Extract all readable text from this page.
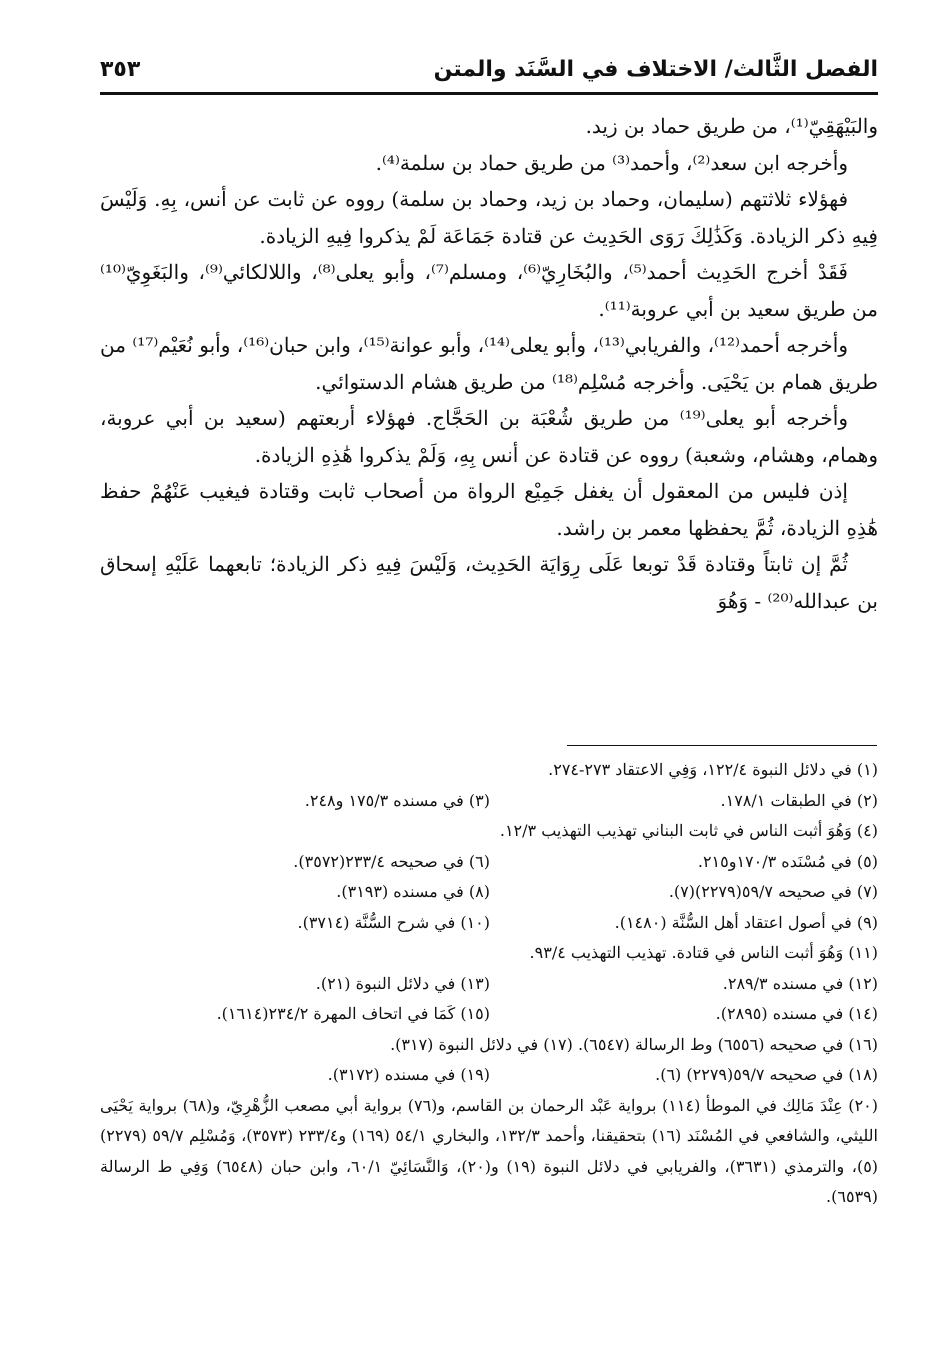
الفصل الثَّالث/ الاختلاف في السَّنَد والمتن
٣٥٣

والبَيْهَقِيّ⁽¹⁾، من طريق حماد بن زيد.

وأخرجه ابن سعد⁽²⁾، وأحمد⁽³⁾ من طريق حماد بن سلمة⁽⁴⁾.

فهؤلاء ثلاثتهم (سليمان، وحماد بن زيد، وحماد بن سلمة) رووه عن ثابت عن أنس، بِهِ. وَلَيْسَ فِيهِ ذكر الزيادة. وَكَذَٰلِكَ رَوَى الحَدِيث عن قتادة جَمَاعَة لَمْ يذكروا فِيهِ الزيادة.

فَقَدْ أخرج الحَدِيث أحمد⁽⁵⁾، والبُخَارِيّ⁽⁶⁾، ومسلم⁽⁷⁾، وأبو يعلى⁽⁸⁾، واللالكائي⁽⁹⁾، والبَغَوِيّ⁽¹⁰⁾ من طريق سعيد بن أبي عروبة⁽¹¹⁾.

وأخرجه أحمد⁽¹²⁾، والفريابي⁽¹³⁾، وأبو يعلى⁽¹⁴⁾، وأبو عوانة⁽¹⁵⁾، وابن حبان⁽¹⁶⁾، وأبو نُعَيْم⁽¹⁷⁾ من طريق همام بن يَحْيَى. وأخرجه مُسْلِم⁽¹⁸⁾ من طريق هشام الدستوائي.

وأخرجه أبو يعلى⁽¹⁹⁾ من طريق شُعْبَة بن الحَجَّاج. فهؤلاء أربعتهم (سعيد بن أبي عروبة، وهمام، وهشام، وشعبة) رووه عن قتادة عن أنس بِهِ، وَلَمْ يذكروا هَٰذِهِ الزيادة.

إذن فليس من المعقول أن يغفل جَمِيْع الرواة من أصحاب ثابت وقتادة فيغيب عَنْهُمْ حفظ هَٰذِهِ الزيادة، ثُمَّ يحفظها معمر بن راشد.

ثُمَّ إن ثابتاً وقتادة قَدْ توبعا عَلَى رِوَايَة الحَدِيث، وَلَيْسَ فِيهِ ذكر الزيادة؛ تابعهما عَلَيْهِ إسحاق بن عبدالله⁽²⁰⁾ - وَهُوَ

(١) في دلائل النبوة ١٢٢/٤، وَفِي الاعتقاد ٢٧٣-٢٧٤.
(٢) في الطبقات ١٧٨/١.
(٣) في مسنده ١٧٥/٣ و٢٤٨.
(٤) وَهُوَ أثبت الناس في ثابت البناني تهذيب التهذيب ١٢/٣.
(٥) في مُسْنَده ١٧٠/٣و٢١٥.
(٦) في صحيحه ٢٣٣/٤(٣٥٧٢).
(٧) في صحيحه ٥٩/٧(٢٢٧٩)(٧).
(٨) في مسنده (٣١٩٣).
(٩) في أصول اعتقاد أهل السُّنَّة (١٤٨٠).
(١٠) في شرح السُّنَّة (٣٧١٤).
(١١) وَهُوَ أثبت الناس في قتادة. تهذيب التهذيب ٩٣/٤.
(١٢) في مسنده ٢٨٩/٣.
(١٣) في دلائل النبوة (٢١).
(١٤) في مسنده (٢٨٩٥).
(١٥) كَمَا في اتحاف المهرة ٢٣٤/٢(١٦١٤).
(١٦) في صحيحه (٦٥٥٦) وط الرسالة (٦٥٤٧). (١٧) في دلائل النبوة (٣١٧).
(١٨) في صحيحه ٥٩/٧(٢٢٧٩) (٦).
(١٩) في مسنده (٣١٧٢).
(٢٠) عِنْدَ مَالِك في الموطأ (١١٤) برواية عَبْد الرحمان بن القاسم، و(٧٦) برواية أبي مصعب الزُّهْرِيّ، و(٦٨) برواية يَحْيَى الليثي، والشافعي في المُسْنَد (١٦) بتحقيقنا، وأحمد ١٣٢/٣، والبخاري ٥٤/١ (١٦٩) و٢٣٣/٤ (٣٥٧٣)، وَمُسْلِم ٥٩/٧ (٢٢٧٩) (٥)، والترمذي (٣٦٣١)، والفريابي في دلائل النبوة (١٩) و(٢٠)، وَالنَّسَائِيّ ٦٠/١، وابن حبان (٦٥٤٨) وَفِي ط الرسالة (٦٥٣٩).
